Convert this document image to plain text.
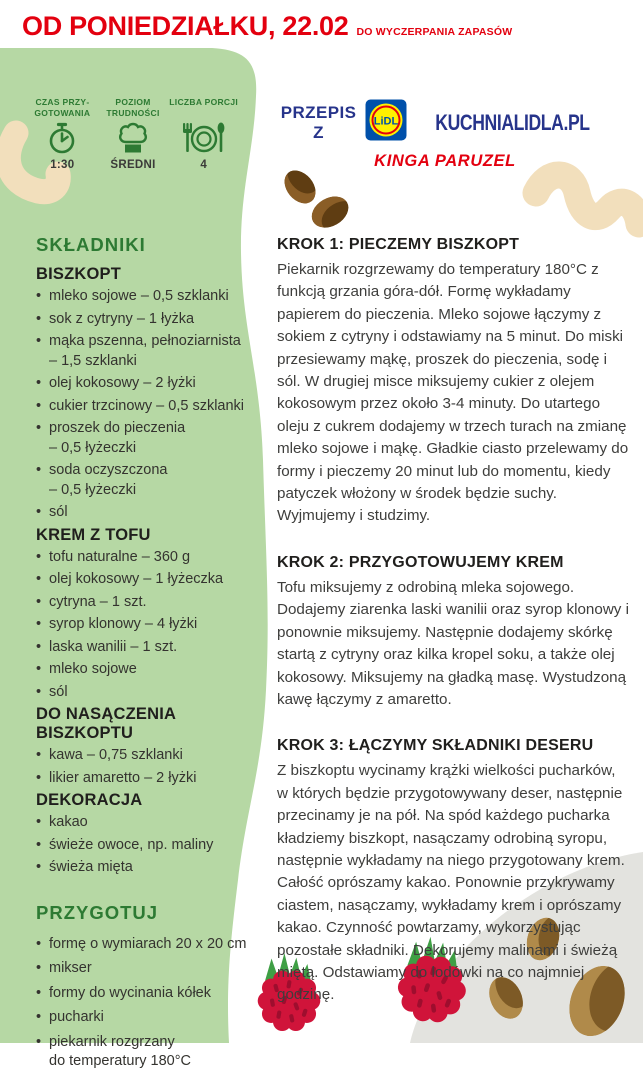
OD PONIEDZIAŁKU, 22.02 DO WYCZERPANIA ZAPASÓW
CZAS PRZYGOTOWANIA
1:30
POZIOM TRUDNOŚCI
ŚREDNI
LICZBA PORCJI
4
PRZEPIS Z
LiDL KUCHNIALIDLA.PL
KINGA PARUZEL
SKŁADNIKI
BISZKOPT
• mleko sojowe – 0,5 szklanki
• sok z cytryny – 1 łyżka
• mąka pszenna, pełnoziarnista
– 1,5 szklanki
• olej kokosowy – 2 łyżki
• cukier trzcinowy – 0,5 szklanki
• proszek do pieczenia
– 0,5 łyżeczki
• soda oczyszczona
– 0,5 łyżeczki
• sól
KREM Z TOFU
• tofu naturalne – 360 g
• olej kokosowy – 1 łyżeczka
• cytryna – 1 szt.
• syrop klonowy – 4 łyżki
• laska wanilii – 1 szt.
• mleko sojowe
• sól
DO NASĄCZENIA BISZKOPTU
• kawa – 0,75 szklanki
• likier amaretto – 2 łyżki
DEKORACJA
• kakao
• świeże owoce, np. maliny
• świeża mięta
PRZYGOTUJ
• formę o wymiarach 20 x 20 cm
• mikser
• formy do wycinania kółek
• pucharki
• piekarnik rozgrzany
do temperatury 180°C
KROK 1: PIECZEMY BISZKOPT
Piekarnik rozgrzewamy do temperatury 180°C z funkcją grzania góra-dół. Formę wykładamy papierem do pieczenia. Mleko sojowe łączymy z sokiem z cytryny i odstawiamy na 5 minut. Do miski przesiewamy mąkę, proszek do pieczenia, sodę i sól. W drugiej misce miksujemy cukier z olejem kokosowym przez około 3-4 minuty. Do utartego oleju z cukrem dodajemy w trzech turach na zmianę mleko sojowe i mąkę. Gładkie ciasto przelewamy do formy i pieczemy 20 minut lub do momentu, kiedy patyczek włożony w środek będzie suchy. Wyjmujemy i studzimy.
KROK 2: PRZYGOTOWUJEMY KREM
Tofu miksujemy z odrobiną mleka sojowego. Dodajemy ziarenka laski wanilii oraz syrop klonowy i ponownie miksujemy. Następnie dodajemy skórkę startą z cytryny oraz kilka kropel soku, a także olej kokosowy. Miksujemy na gładką masę. Wystudzoną kawę łączymy z amaretto.
KROK 3: ŁĄCZYMY SKŁADNIKI DESERU
Z biszkoptu wycinamy krążki wielkości pucharków, w których będzie przygotowywany deser, następnie przecinamy je na pół. Na spód każdego pucharka kładziemy biszkopt, nasączamy odrobiną syropu, następnie wykładamy na niego przygotowany krem. Całość oprószamy kakao. Ponownie przykrywamy ciastem, nasączamy, wykładamy krem i oprószamy kakao. Czynność powtarzamy, wykorzystując pozostałe składniki. Dekorujemy malinami i świeżą miętą. Odstawiamy do lodówki na co najmniej godzinę.
